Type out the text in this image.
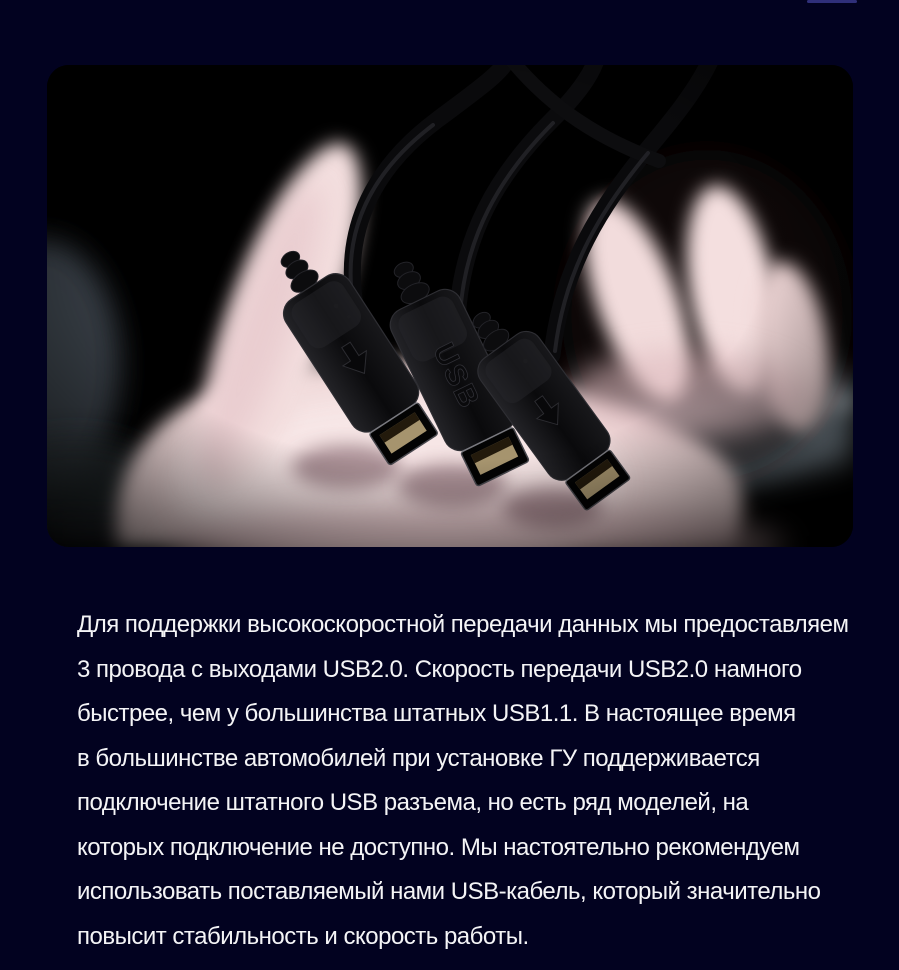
Для поддержки высокоскоростной передачи данных мы предоставляем
3 провода с выходами USB2.0. Скорость передачи USB2.0 намного
быстрее, чем у большинства штатных USB1.1. В настоящее время
в большинстве автомобилей при установке ГУ поддерживается
подключение штатного USB разъема, но есть ряд моделей, на
которых подключение не доступно. Мы настоятельно рекомендуем
использовать поставляемый нами USB-кабель, который значительно
повысит стабильность и скорость работы.
